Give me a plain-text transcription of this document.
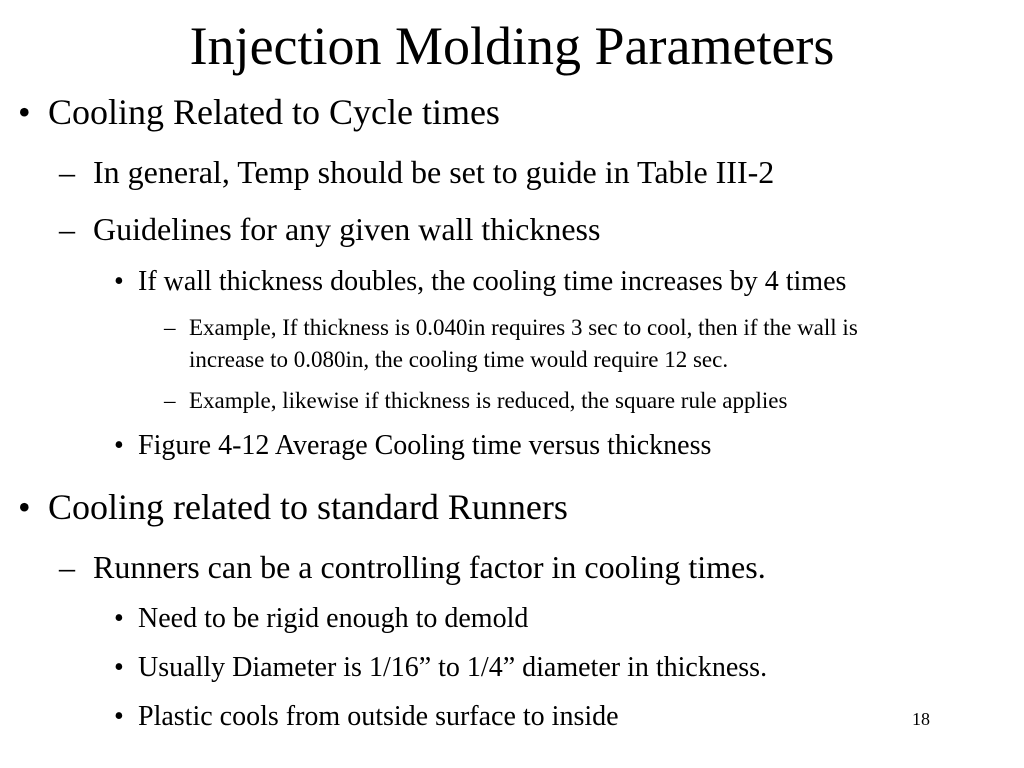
Injection Molding Parameters
• Cooling Related to Cycle times
– In general, Temp should be set to guide in Table III-2
– Guidelines for any given wall thickness
• If wall thickness doubles, the cooling time increases by 4 times
– Example, If thickness is 0.040in requires 3 sec to cool, then if the wall is
increase to 0.080in, the cooling time would require 12 sec.
– Example, likewise if thickness is reduced, the square rule applies
• Figure 4-12 Average Cooling time versus thickness
• Cooling related to standard Runners
– Runners can be a controlling factor in cooling times.
• Need to be rigid enough to demold
• Usually Diameter is 1/16” to 1/4” diameter in thickness.
• Plastic cools from outside surface to inside	18
